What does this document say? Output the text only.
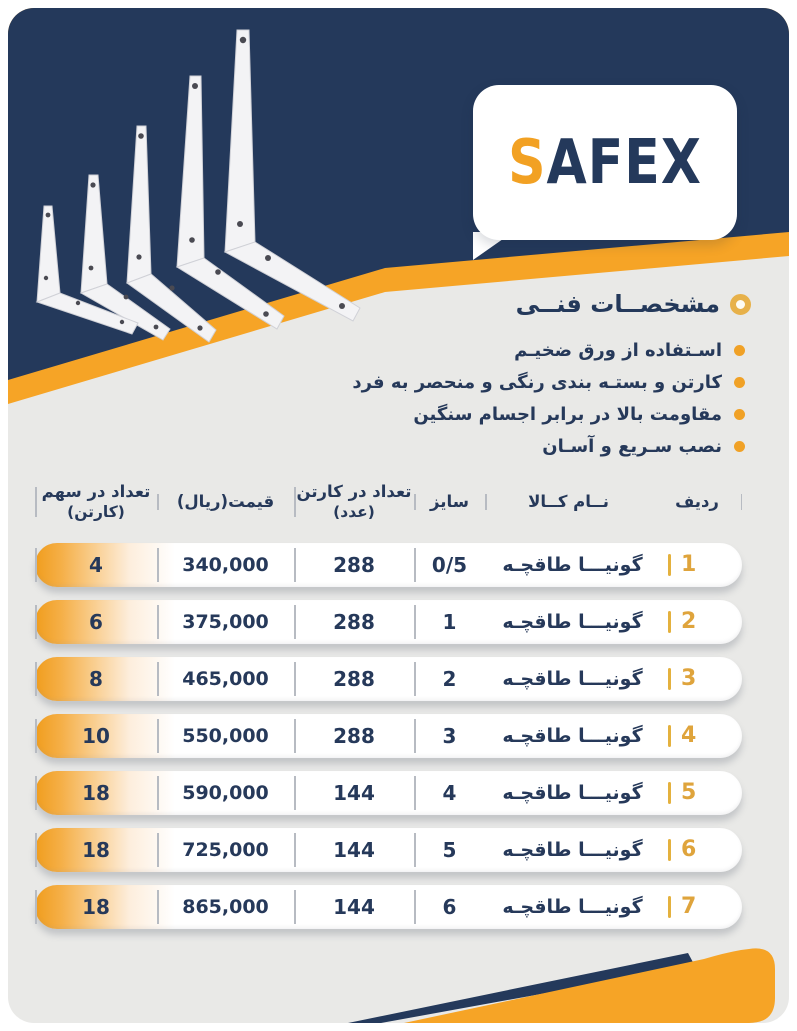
SAFEX
مشخصــات فنــی
اسـتفاده از ورق ضخیـم
کارتن و بستـه بندی رنگی و منحصر به فرد
مقاومت بالا در برابر اجسام سنگین
نصب سـریع و آسـان
ردیف
نــام کــالا
سایز
تعداد در کارتن
(عدد)
قیمت(ریال)
تعداد در سهم
(کارتن)
1
گونیـــا طاقچـه
0/5
288
340,000
4
2
گونیـــا طاقچـه
1
288
375,000
6
3
گونیـــا طاقچـه
2
288
465,000
8
4
گونیـــا طاقچـه
3
288
550,000
10
5
گونیـــا طاقچـه
4
144
590,000
18
6
گونیـــا طاقچـه
5
144
725,000
18
7
گونیـــا طاقچـه
6
144
865,000
18
